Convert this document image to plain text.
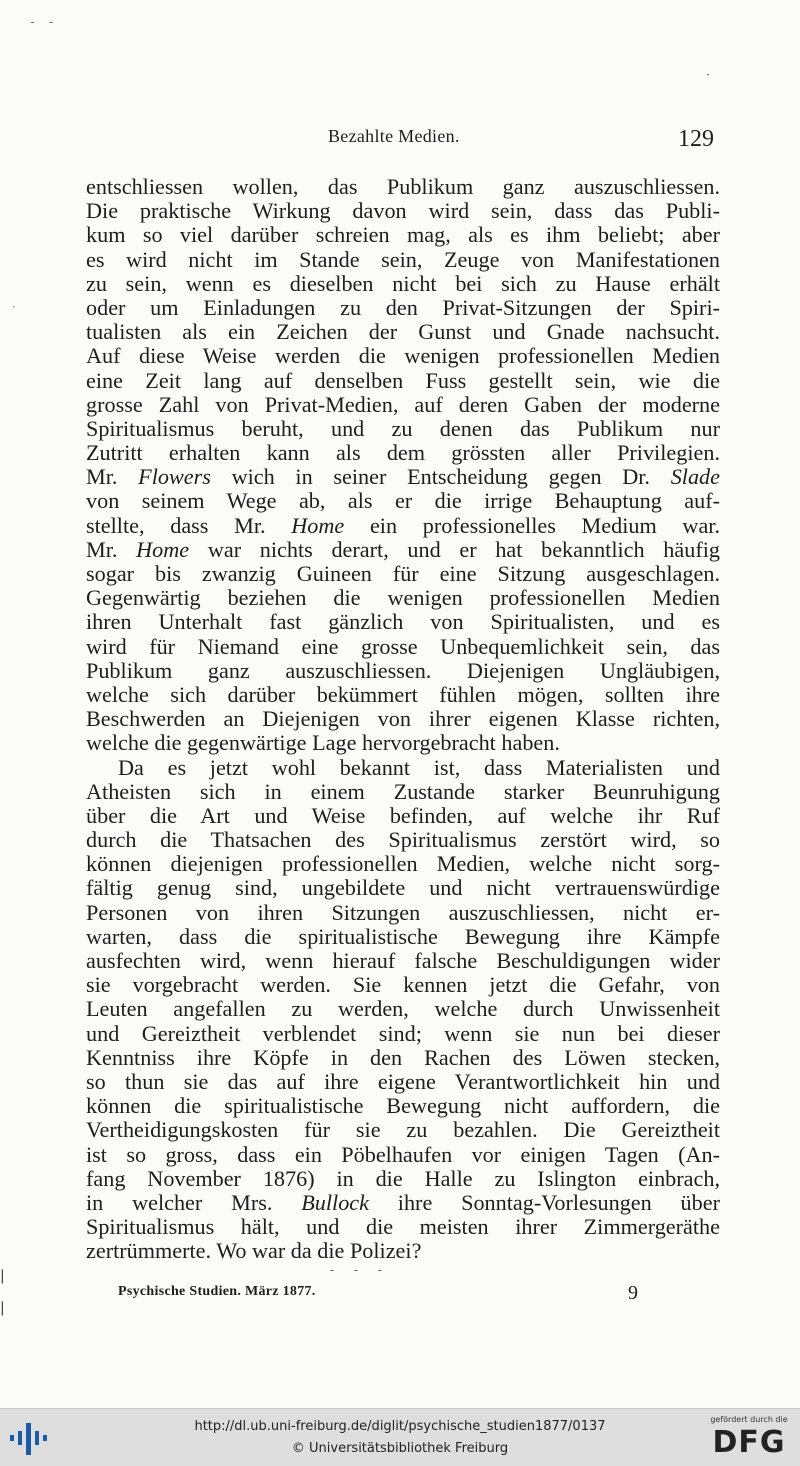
--
·
·
Bezahlte Medien.	129
entschliessen wollen, das Publikum ganz auszuschliessen.
Die praktische Wirkung davon wird sein, dass das Publi-
kum so viel darüber schreien mag, als es ihm beliebt; aber
es wird nicht im Stande sein, Zeuge von Manifestationen
zu sein, wenn es dieselben nicht bei sich zu Hause erhält
oder um Einladungen zu den Privat-Sitzungen der Spiri-
tualisten als ein Zeichen der Gunst und Gnade nachsucht.
Auf diese Weise werden die wenigen professionellen Medien
eine Zeit lang auf denselben Fuss gestellt sein, wie die
grosse Zahl von Privat-Medien, auf deren Gaben der moderne
Spiritualismus beruht, und zu denen das Publikum nur
Zutritt erhalten kann als dem grössten aller Privilegien.
Mr. Flowers wich in seiner Entscheidung gegen Dr. Slade
von seinem Wege ab, als er die irrige Behauptung auf-
stellte, dass Mr. Home ein professionelles Medium war.
Mr. Home war nichts derart, und er hat bekanntlich häufig
sogar bis zwanzig Guineen für eine Sitzung ausgeschlagen.
Gegenwärtig beziehen die wenigen professionellen Medien
ihren Unterhalt fast gänzlich von Spiritualisten, und es
wird für Niemand eine grosse Unbequemlichkeit sein, das
Publikum ganz auszuschliessen. Diejenigen Ungläubigen,
welche sich darüber bekümmert fühlen mögen, sollten ihre
Beschwerden an Diejenigen von ihrer eigenen Klasse richten,
welche die gegenwärtige Lage hervorgebracht haben.
Da es jetzt wohl bekannt ist, dass Materialisten und
Atheisten sich in einem Zustande starker Beunruhigung
über die Art und Weise befinden, auf welche ihr Ruf
durch die Thatsachen des Spiritualismus zerstört wird, so
können diejenigen professionellen Medien, welche nicht sorg-
fältig genug sind, ungebildete und nicht vertrauenswürdige
Personen von ihren Sitzungen auszuschliessen, nicht er-
warten, dass die spiritualistische Bewegung ihre Kämpfe
ausfechten wird, wenn hierauf falsche Beschuldigungen wider
sie vorgebracht werden. Sie kennen jetzt die Gefahr, von
Leuten angefallen zu werden, welche durch Unwissenheit
und Gereiztheit verblendet sind; wenn sie nun bei dieser
Kenntniss ihre Köpfe in den Rachen des Löwen stecken,
so thun sie das auf ihre eigene Verantwortlichkeit hin und
können die spiritualistische Bewegung nicht auffordern, die
Vertheidigungskosten für sie zu bezahlen. Die Gereiztheit
ist so gross, dass ein Pöbelhaufen vor einigen Tagen (An-
fang November 1876) in die Halle zu Islington einbrach,
in welcher Mrs. Bullock ihre Sonntag-Vorlesungen über
Spiritualismus hält, und die meisten ihrer Zimmergeräthe
zertrümmerte. Wo war da die Polizei?
- - -
Psychische Studien. März 1877.	9
|
|
http://dl.ub.uni-freiburg.de/diglit/psychische_studien1877/0137
© Universitätsbibliothek Freiburg
gefördert durch die
DFG
